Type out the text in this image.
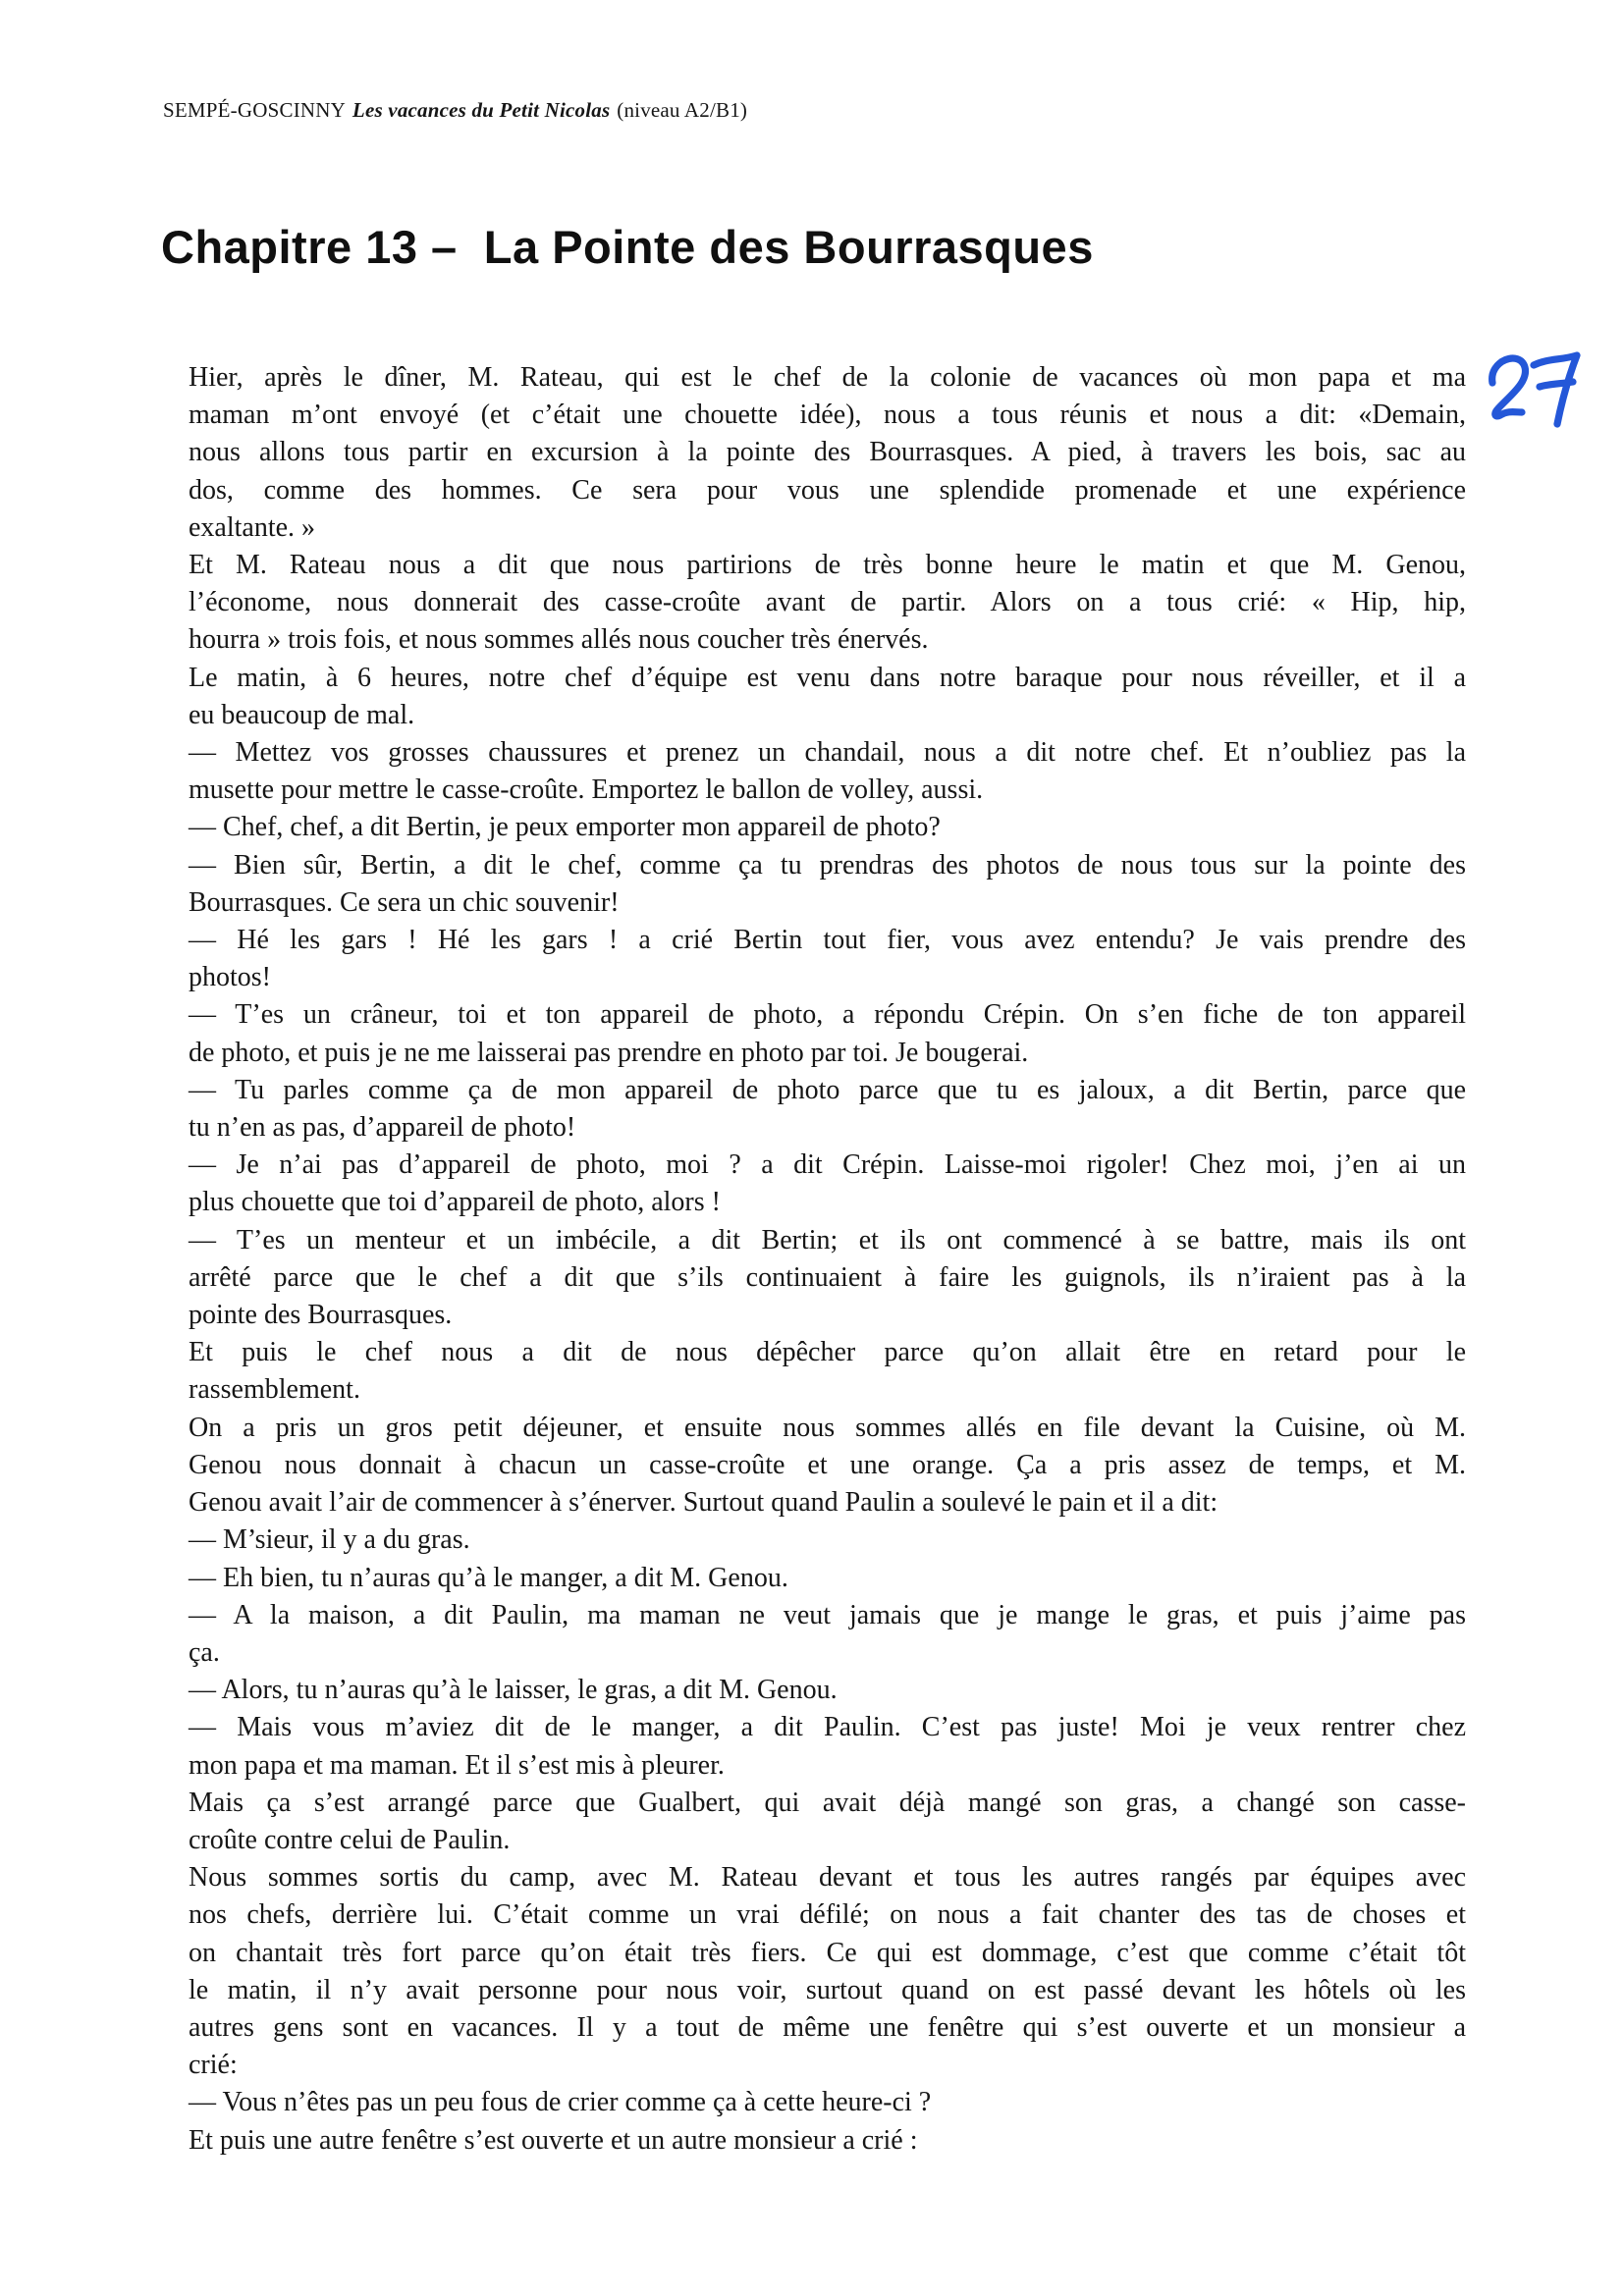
SEMPÉ-GOSCINNY Les vacances du Petit Nicolas (niveau A2/B1)
Chapitre 13 –  La Pointe des Bourrasques
Hier, après le dîner, M. Rateau, qui est le chef de la colonie de vacances où mon papa et ma
maman m’ont envoyé (et c’était une chouette idée), nous a tous réunis et nous a dit: «Demain,
nous allons tous partir en excursion à la pointe des Bourrasques. A pied, à travers les bois, sac au
dos, comme des hommes. Ce sera pour vous une splendide promenade et une expérience
exaltante. »
Et M. Rateau nous a dit que nous partirions de très bonne heure le matin et que M. Genou,
l’économe, nous donnerait des casse-croûte avant de partir. Alors on a tous crié: « Hip, hip,
hourra » trois fois, et nous sommes allés nous coucher très énervés.
Le matin, à 6 heures, notre chef d’équipe est venu dans notre baraque pour nous réveiller, et il a
eu beaucoup de mal.
— Mettez vos grosses chaussures et prenez un chandail, nous a dit notre chef. Et n’oubliez pas la
musette pour mettre le casse-croûte. Emportez le ballon de volley, aussi.
— Chef, chef, a dit Bertin, je peux emporter mon appareil de photo?
— Bien sûr, Bertin, a dit le chef, comme ça tu prendras des photos de nous tous sur la pointe des
Bourrasques. Ce sera un chic souvenir!
— Hé les gars ! Hé les gars ! a crié Bertin tout fier, vous avez entendu? Je vais prendre des
photos!
— T’es un crâneur, toi et ton appareil de photo, a répondu Crépin. On s’en fiche de ton appareil
de photo, et puis je ne me laisserai pas prendre en photo par toi. Je bougerai.
— Tu parles comme ça de mon appareil de photo parce que tu es jaloux, a dit Bertin, parce que
tu n’en as pas, d’appareil de photo!
— Je n’ai pas d’appareil de photo, moi ? a dit Crépin. Laisse-moi rigoler! Chez moi, j’en ai un
plus chouette que toi d’appareil de photo, alors !
— T’es un menteur et un imbécile, a dit Bertin; et ils ont commencé à se battre, mais ils ont
arrêté parce que le chef a dit que s’ils continuaient à faire les guignols, ils n’iraient pas à la
pointe des Bourrasques.
Et puis le chef nous a dit de nous dépêcher parce qu’on allait être en retard pour le
rassemblement.
On a pris un gros petit déjeuner, et ensuite nous sommes allés en file devant la Cuisine, où M.
Genou nous donnait à chacun un casse-croûte et une orange. Ça a pris assez de temps, et M.
Genou avait l’air de commencer à s’énerver. Surtout quand Paulin a soulevé le pain et il a dit:
— M’sieur, il y a du gras.
— Eh bien, tu n’auras qu’à le manger, a dit M. Genou.
— A la maison, a dit Paulin, ma maman ne veut jamais que je mange le gras, et puis j’aime pas
ça.
— Alors, tu n’auras qu’à le laisser, le gras, a dit M. Genou.
— Mais vous m’aviez dit de le manger, a dit Paulin. C’est pas juste! Moi je veux rentrer chez
mon papa et ma maman. Et il s’est mis à pleurer.
Mais ça s’est arrangé parce que Gualbert, qui avait déjà mangé son gras, a changé son casse-
croûte contre celui de Paulin.
Nous sommes sortis du camp, avec M. Rateau devant et tous les autres rangés par équipes avec
nos chefs, derrière lui. C’était comme un vrai défilé; on nous a fait chanter des tas de choses et
on chantait très fort parce qu’on était très fiers. Ce qui est dommage, c’est que comme c’était tôt
le matin, il n’y avait personne pour nous voir, surtout quand on est passé devant les hôtels où les
autres gens sont en vacances. Il y a tout de même une fenêtre qui s’est ouverte et un monsieur a
crié:
— Vous n’êtes pas un peu fous de crier comme ça à cette heure-ci ?
Et puis une autre fenêtre s’est ouverte et un autre monsieur a crié :
